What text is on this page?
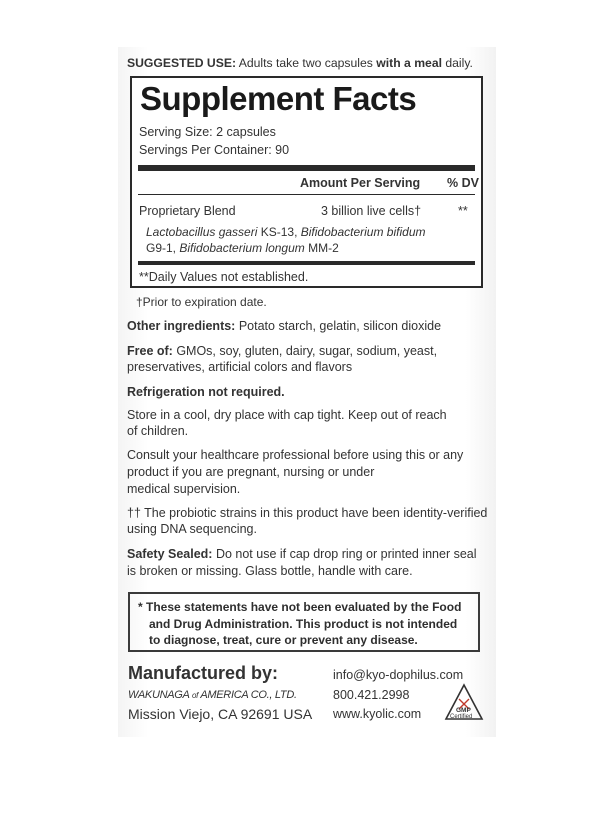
SUGGESTED USE: Adults take two capsules with a meal daily.
Supplement Facts
Serving Size: 2 capsules
Servings Per Container: 90
Amount Per Serving % DV
Proprietary Blend	3 billion live cells†	**
Lactobacillus gasseri KS-13, Bifidobacterium bifidum
G9-1, Bifidobacterium longum MM-2
**Daily Values not established.
†Prior to expiration date.
Other ingredients: Potato starch, gelatin, silicon dioxide
Free of: GMOs, soy, gluten, dairy, sugar, sodium, yeast,
preservatives, artificial colors and flavors
Refrigeration not required.
Store in a cool, dry place with cap tight. Keep out of reach
of children.
Consult your healthcare professional before using this or any
product if you are pregnant, nursing or under
medical supervision.
†† The probiotic strains in this product have been identity-verified
using DNA sequencing.
Safety Sealed: Do not use if cap drop ring or printed inner seal
is broken or missing. Glass bottle, handle with care.

* These statements have not been evaluated by the Food

and Drug Administration. This product is not intended

to diagnose, treat, cure or prevent any disease.

Manufactured by:
WAKUNAGA of AMERICA CO., LTD.
Mission Viejo, CA 92691 USA
info@kyo-dophilus.com
800.421.2998
www.kyolic.com	GMP
Certified
